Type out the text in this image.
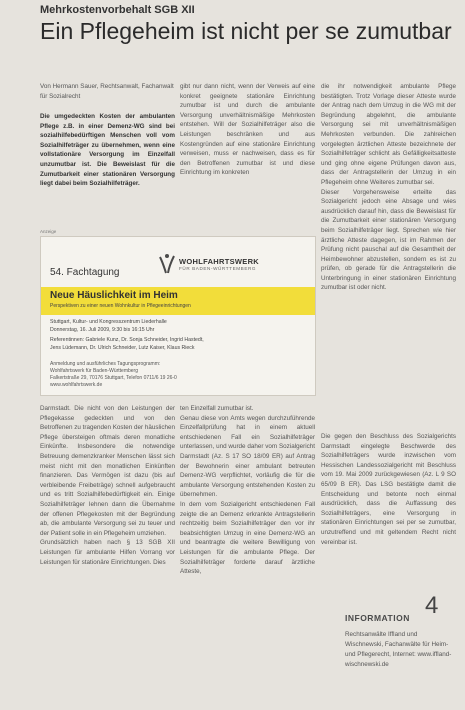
Mehrkostenvorbehalt SGB XII
Ein Pflegeheim ist nicht per se zumutbar
Von Hermann Sauer, Rechtsanwalt, Fachanwalt für Sozialrecht
Die umgedeckten Kosten der ambulanten Pflege z.B. in einer Demenz-WG sind bei sozialhilfebedürftigen Menschen voll vom Sozialhilfeträger zu übernehmen, wenn eine vollstationäre Versorgung im Einzelfall unzumutbar ist. Die Beweislast für die Zumutbarkeit einer stationären Versorgung liegt dabei beim Sozialhilfeträger.
gibt nur dann nicht, wenn der Verweis auf eine konkret geeignete stationäre Einrichtung zumutbar ist und durch die ambulante Versorgung unverhältnismäßige Mehrkosten entstehen. Will der Sozialhilfeträger also die Leistungen beschränken und aus Kostengründen auf eine stationäre Einrichtung verweisen, muss er nachweisen, dass es für den Betroffenen zumutbar ist und diese Einrichtung im konkreten
die ihr notwendigkeit ambulante Pflege bestätigten. Trotz Vorlage dieser Atteste wurde der Antrag nach dem Umzug in die WG mit der Begründung abgelehnt, die ambulante Versorgung sei mit unverhältnismäßigen Mehrkosten verbunden. Die zahlreichen vorgelegten ärztlichen Atteste bezeichnete der Sozialhilfeträger schlicht als Gefälligkeitsatteste und ging ohne eigene Prüfungen davon aus, dass der Antragstellerin der Umzug in ein Pflegeheim ohne Weiteres zumutbar sei.
Dieser Vorgehensweise erteilte das Sozialgericht jedoch eine Absage und wies ausdrücklich darauf hin, dass die Beweislast für die Zumutbarkeit einer stationären Versorgung beim Sozialhilfeträger liegt. Sprechen wie hier ärztliche Atteste dagegen, ist im Rahmen der Prüfung nicht pauschal auf die Gesamtheit der Heimbewohner abzustellen, sondern es ist zu prüfen, ob gerade für die Antragstellerin die Unterbringung in einer stationären Einrichtung zumutbar ist oder nicht.
Anzeige
WOHLFAHRTSWERK
FÜR BADEN-WÜRTTEMBERG
54. Fachtagung
Neue Häuslichkeit im Heim
Perspektiven zu einer neuen Wohnkultur in Pflegeeinrichtungen
Stuttgart, Kultur- und Kongresszentrum Liederhalle
Donnerstag, 16. Juli 2009, 9:30 bis 16:15 Uhr
Referentinnen: Gabriele Kunz, Dr. Sonja Schneider, Ingrid Hastedt,
Jens Lüdemann, Dr. Ulrich Schneider, Lutz Kaiser, Klaus Rieck
Anmeldung und ausführliches Tagungsprogramm:
Wohlfahrtswerk für Baden-Württemberg
Falkertstraße 29, 70176 Stuttgart, Telefon 0711/6 19 26-0
www.wohlfahrtswerk.de
Darmstadt. Die nicht von den Leistungen der Pflegekasse gedeckten und von den Betroffenen zu tragenden Kosten der häuslichen Pflege übersteigen oftmals deren monatliche Einkünfte. Insbesondere die notwendige Betreuung demenzkranker Menschen lässt sich meist nicht mit den monatlichen Einkünften finanzieren. Das Vermögen ist dazu (bis auf verbleibende Freibeträge) schnell aufgebraucht und es tritt Sozialhilfebedürftigkeit ein. Einige Sozialhilfeträger lehnen dann die Übernahme der offenen Pflegekosten mit der Begründung ab, die ambulante Versorgung sei zu teuer und der Patient solle in ein Pflegeheim umziehen.
Grundsätzlich haben nach § 13 SGB XII Leistungen für ambulante Hilfen Vorrang vor Leistungen für stationäre Einrichtungen. Dies
ten Einzelfall zumutbar ist.
Genau diese von Amts wegen durchzuführende Einzelfallprüfung hat in einem aktuell entschiedenen Fall ein Sozialhilfeträger unterlassen, und wurde daher vom Sozialgericht Darmstadt (Az. S 17 SO 18/09 ER) auf Antrag der Bewohnerin einer ambulant betreuten Demenz-WG verpflichtet, vorläufig die für die ambulante Versorgung entstehenden Kosten zu übernehmen.
In dem vom Sozialgericht entschiedenen Fall zeigte die an Demenz erkrankte Antragstellerin rechtzeitig beim Sozialhilfeträger den vor ihr beabsichtigten Umzug in eine Demenz-WG an und beantragte die weitere Bewilligung von Leistungen für die ambulante Pflege. Der Sozialhilfeträger forderte darauf ärztliche Atteste,
Die gegen den Beschluss des Sozialgerichts Darmstadt eingelegte Beschwerde des Sozialhilfeträgers wurde inzwischen vom Hessischen Landessozialgericht mit Beschluss vom 19. Mai 2009 zurückgewiesen (Az. L 9 SO 65/09 B ER). Das LSG bestätigte damit die Entscheidung und betonte noch einmal ausdrücklich, dass die Auffassung des Sozialhilfeträgers, eine Versorgung in stationären Einrichtungen sei per se zumutbar, unzutreffend und mit geltendem Recht nicht vereinbar ist.
4
INFORMATION
Rechtsanwälte Iffland und Wischnewski, Fachanwälte für Heim- und Pflegerecht, Internet: www.iffland-wischnewski.de
